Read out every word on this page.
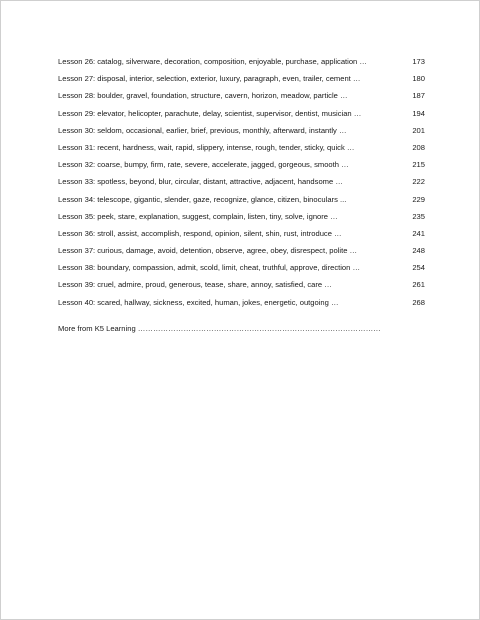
Lesson 26: catalog, silverware, decoration, composition, enjoyable, purchase, application …	173
Lesson 27: disposal, interior, selection, exterior, luxury, paragraph, even, trailer, cement …	180
Lesson 28: boulder, gravel, foundation, structure, cavern, horizon, meadow, particle …	187
Lesson 29: elevator, helicopter, parachute, delay, scientist, supervisor, dentist, musician …	194
Lesson 30: seldom, occasional, earlier, brief, previous, monthly, afterward, instantly …	201
Lesson 31: recent, hardness, wait, rapid, slippery, intense, rough, tender, sticky, quick …	208
Lesson 32: coarse, bumpy, firm, rate, severe, accelerate, jagged, gorgeous, smooth …	215
Lesson 33: spotless, beyond, blur, circular, distant, attractive, adjacent, handsome …	222
Lesson 34: telescope, gigantic, slender, gaze, recognize, glance, citizen, binoculars ...	229
Lesson 35: peek, stare, explanation, suggest, complain, listen, tiny, solve, ignore …	235
Lesson 36: stroll, assist, accomplish, respond, opinion, silent, shin, rust, introduce …	241
Lesson 37: curious, damage, avoid, detention, observe, agree, obey, disrespect, polite …	248
Lesson 38: boundary, compassion, admit, scold, limit, cheat, truthful, approve, direction …	254
Lesson 39: cruel, admire, proud, generous, tease, share, annoy, satisfied, care …	261
Lesson 40: scared, hallway, sickness, excited, human, jokes, energetic, outgoing …	268
More from K5 Learning ……………………………………………………………………………………
